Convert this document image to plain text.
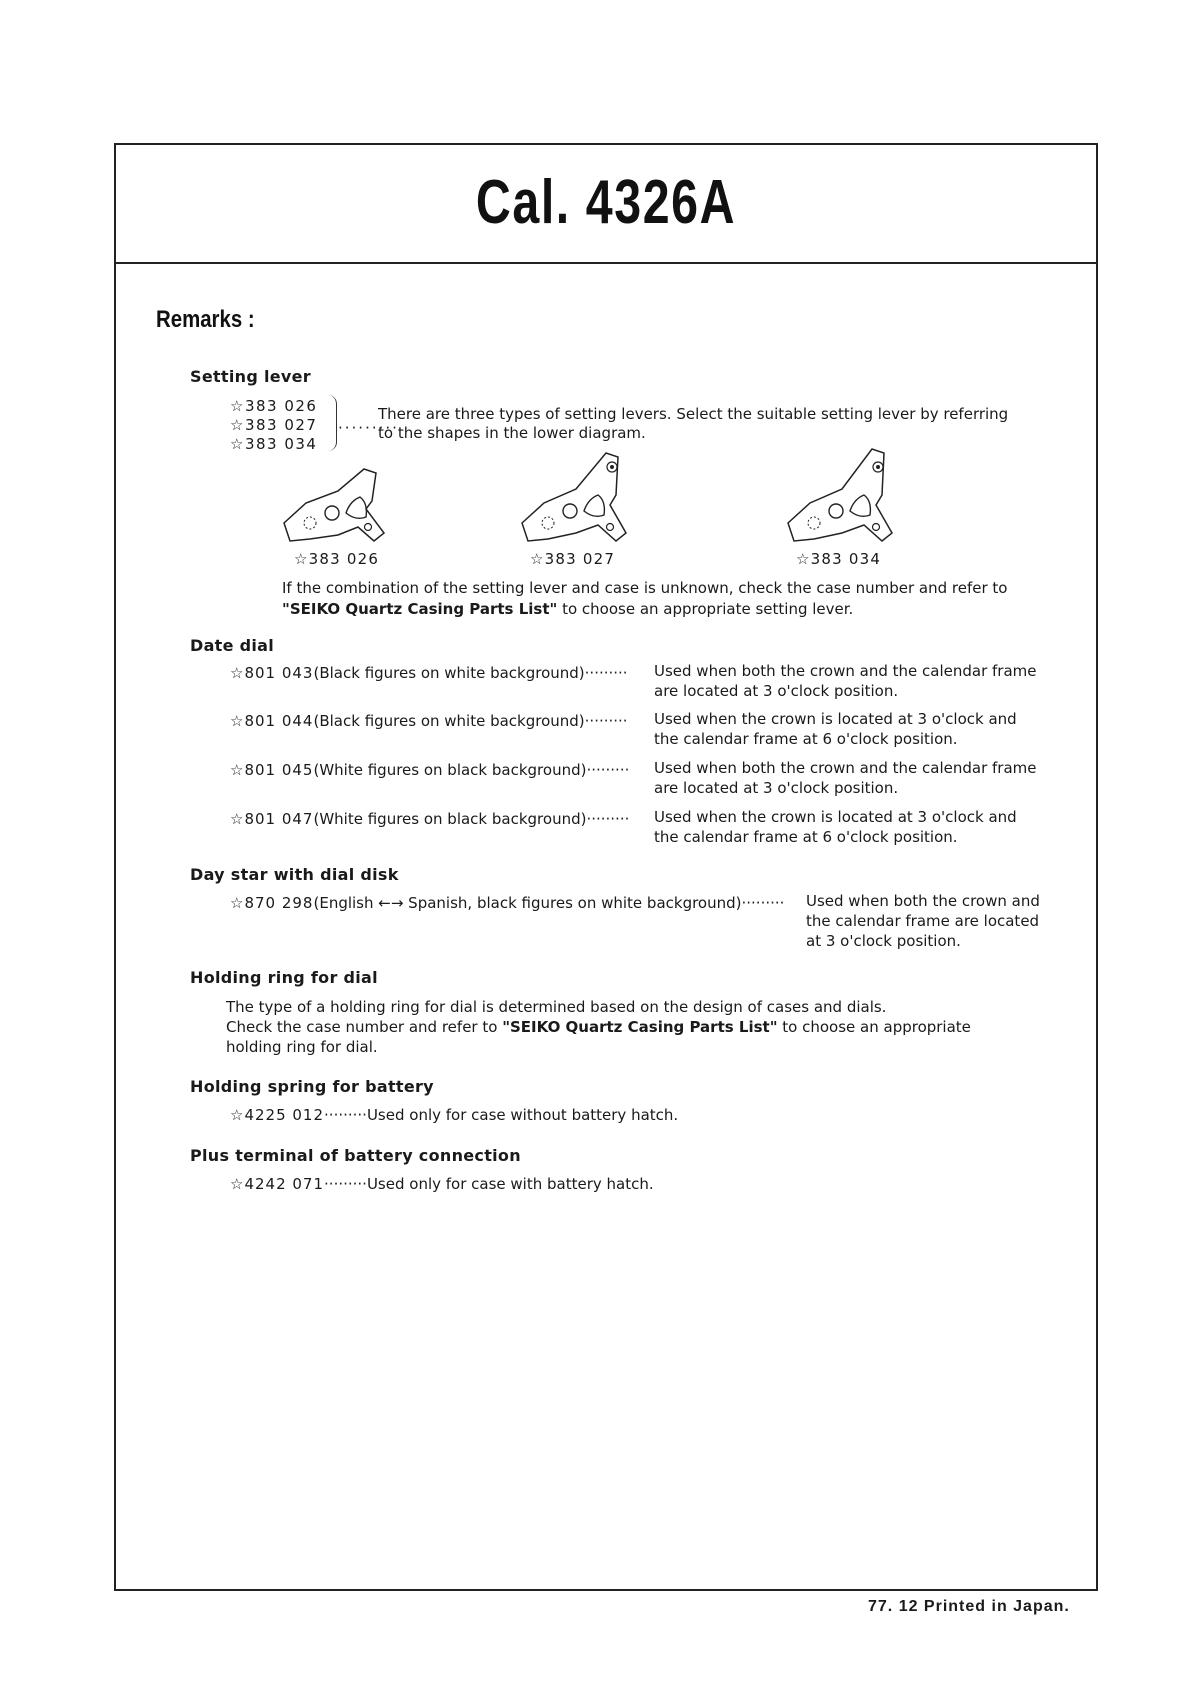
Cal. 4326A
Remarks :
Setting lever
☆383 026
☆383 027
☆383 034
·········
There are three types of setting levers. Select the suitable setting lever by referring
to the shapes in the lower diagram.
☆383 026	☆383 027	☆383 034
If the combination of the setting lever and case is unknown, check the case number and refer to
"SEIKO Quartz Casing Parts List" to choose an appropriate setting lever.
Date dial
☆801 043(Black figures on white background)········· Used when both the crown and the calendar frame
are located at 3 o'clock position.
☆801 044(Black figures on white background)········· Used when the crown is located at 3 o'clock and
the calendar frame at 6 o'clock position.
☆801 045(White figures on black background)········· Used when both the crown and the calendar frame
are located at 3 o'clock position.
☆801 047(White figures on black background)········· Used when the crown is located at 3 o'clock and
the calendar frame at 6 o'clock position.
Day star with dial disk
☆870 298(English ←→ Spanish, black figures on white background)········· Used when both the crown and
the calendar frame are located
at 3 o'clock position.
Holding ring for dial
The type of a holding ring for dial is determined based on the design of cases and dials.
Check the case number and refer to "SEIKO Quartz Casing Parts List" to choose an appropriate
holding ring for dial.
Holding spring for battery
☆4225 012·········Used only for case without battery hatch.
Plus terminal of battery connection
☆4242 071·········Used only for case with battery hatch.
77. 12 Printed in Japan.
